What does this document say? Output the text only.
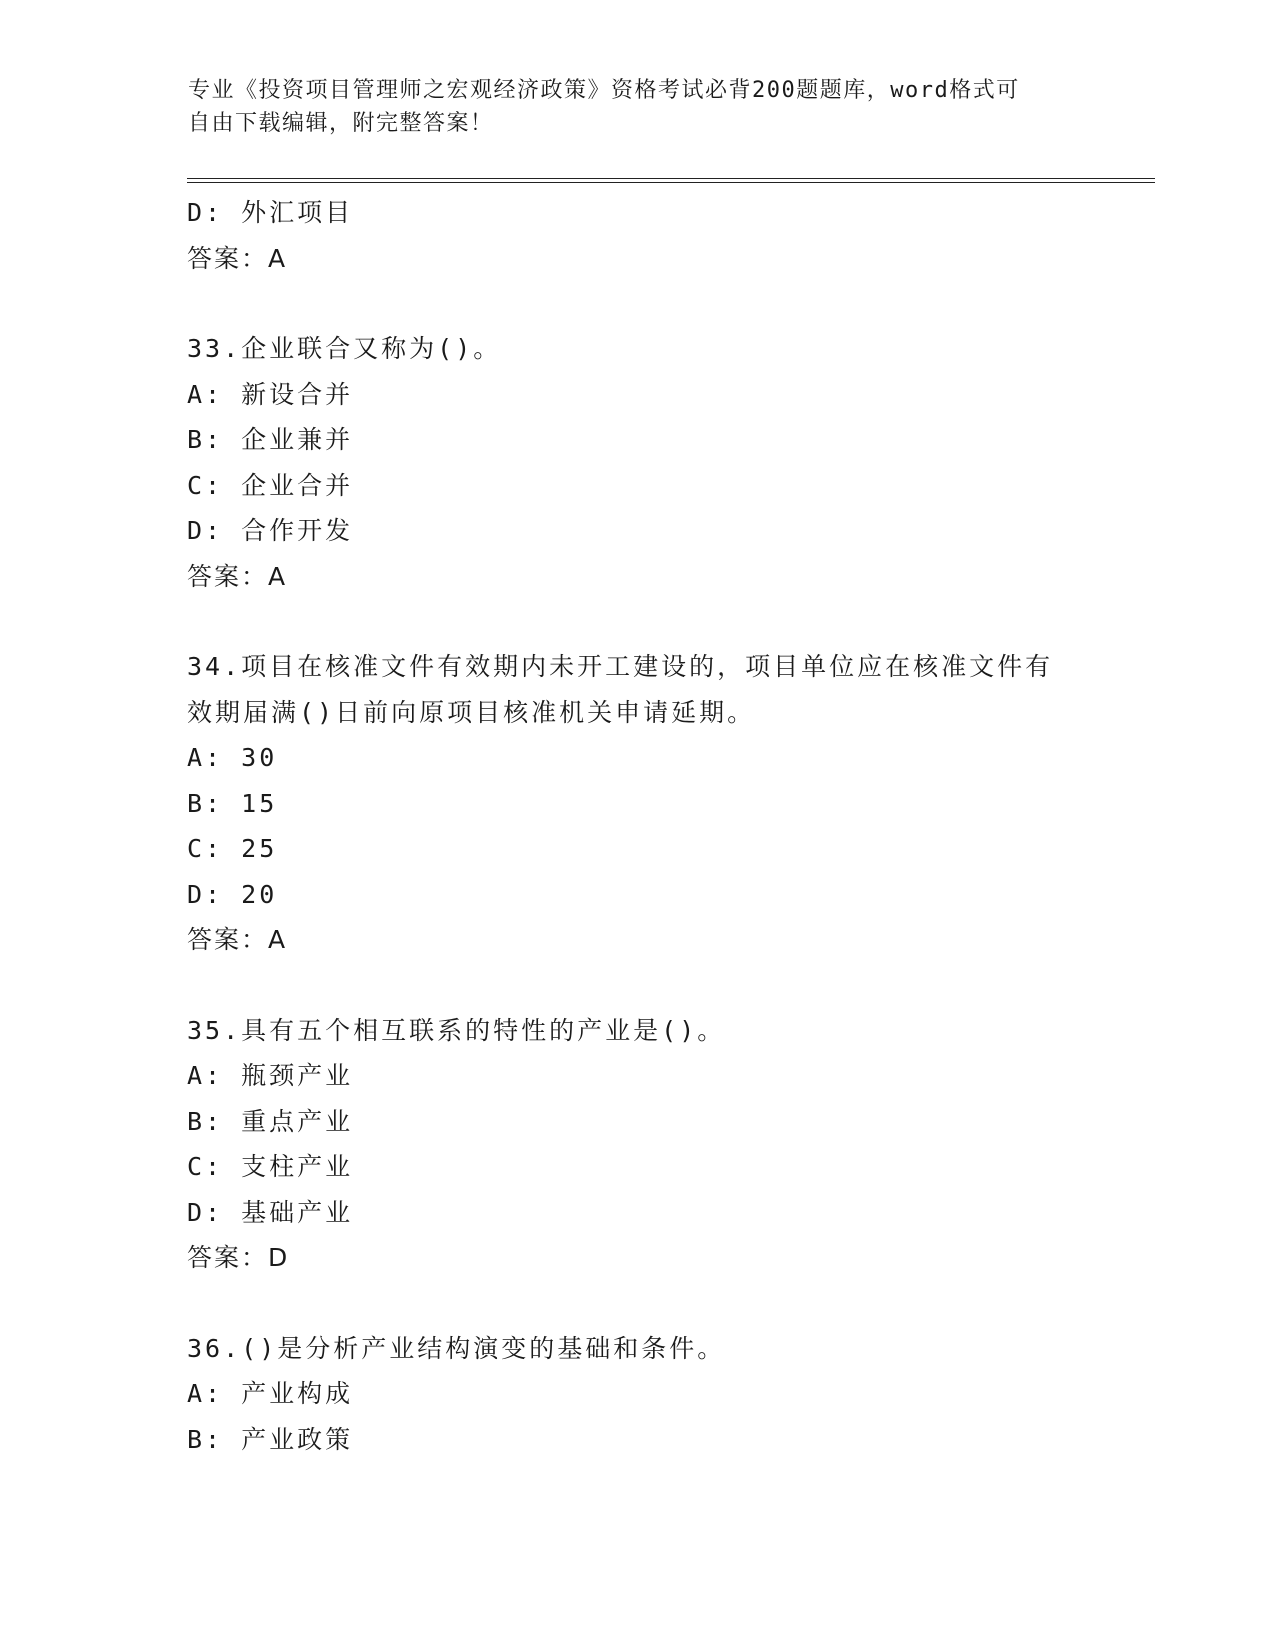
专业《投资项目管理师之宏观经济政策》资格考试必背200题题库，word格式可
自由下载编辑，附完整答案！
D: 外汇项目
答案：A
33.企业联合又称为()。
A: 新设合并
B: 企业兼并
C: 企业合并
D: 合作开发
答案：A
34.项目在核准文件有效期内未开工建设的，项目单位应在核准文件有
效期届满()日前向原项目核准机关申请延期。
A: 30
B: 15
C: 25
D: 20
答案：A
35.具有五个相互联系的特性的产业是()。
A: 瓶颈产业
B: 重点产业
C: 支柱产业
D: 基础产业
答案：D
36.()是分析产业结构演变的基础和条件。
A: 产业构成
B: 产业政策
